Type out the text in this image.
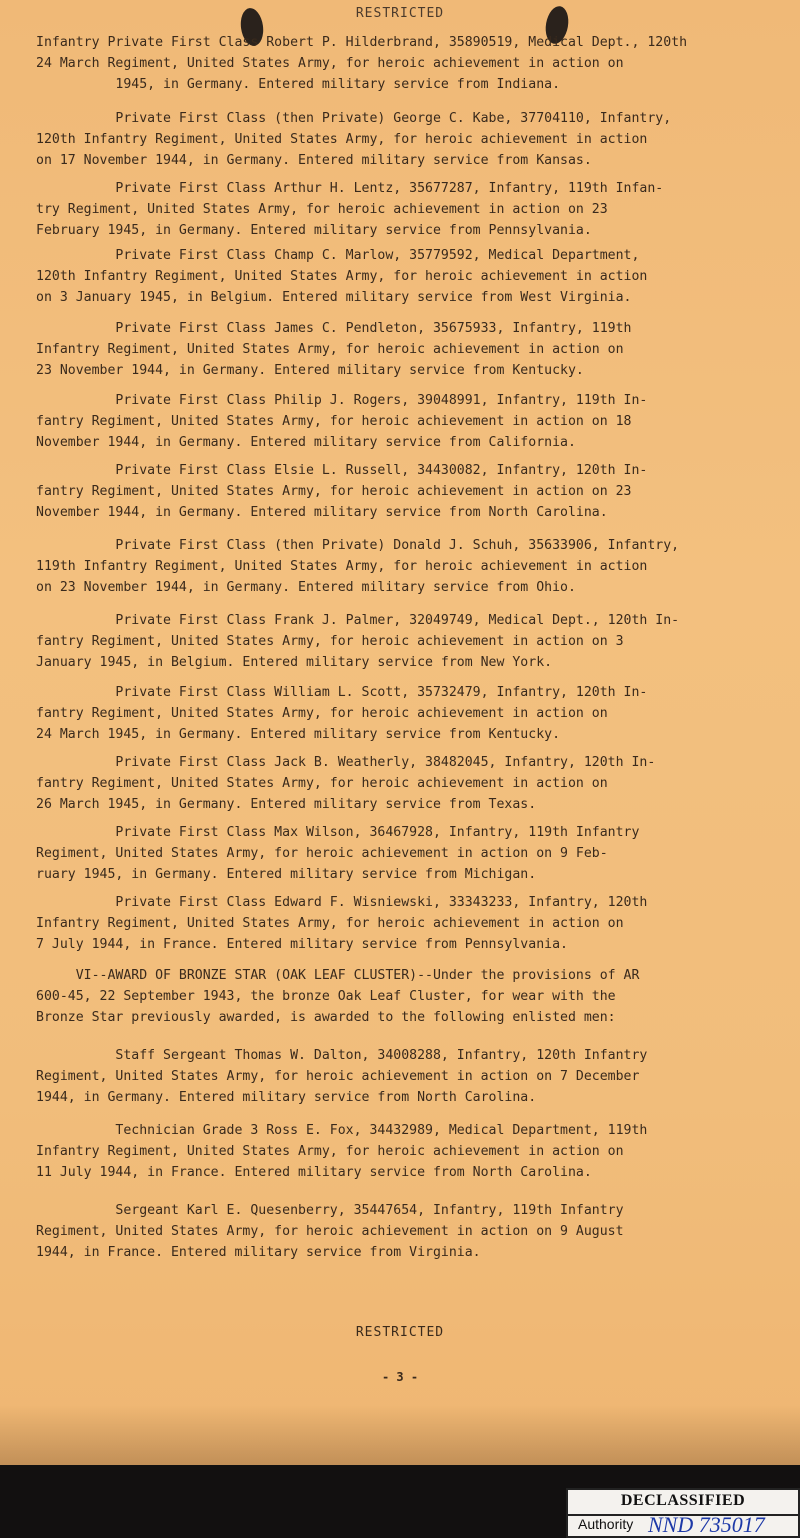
RESTRICTED
Infantry Private First Class Robert P. Hilderbrand, 35890519, Medical Dept., 120th
24 March Regiment, United States Army, for heroic achievement in action on
1945, in Germany. Entered military service from Indiana.
Private First Class (then Private) George C. Kabe, 37704110, Infantry,
120th Infantry Regiment, United States Army, for heroic achievement in action
on 17 November 1944, in Germany. Entered military service from Kansas.
Private First Class Arthur H. Lentz, 35677287, Infantry, 119th Infan-
try Regiment, United States Army, for heroic achievement in action on 23
February 1945, in Germany. Entered military service from Pennsylvania.
Private First Class Champ C. Marlow, 35779592, Medical Department,
120th Infantry Regiment, United States Army, for heroic achievement in action
on 3 January 1945, in Belgium. Entered military service from West Virginia.
Private First Class James C. Pendleton, 35675933, Infantry, 119th
Infantry Regiment, United States Army, for heroic achievement in action on
23 November 1944, in Germany. Entered military service from Kentucky.
Private First Class Philip J. Rogers, 39048991, Infantry, 119th In-
fantry Regiment, United States Army, for heroic achievement in action on 18
November 1944, in Germany. Entered military service from California.
Private First Class Elsie L. Russell, 34430082, Infantry, 120th In-
fantry Regiment, United States Army, for heroic achievement in action on 23
November 1944, in Germany. Entered military service from North Carolina.
Private First Class (then Private) Donald J. Schuh, 35633906, Infantry,
119th Infantry Regiment, United States Army, for heroic achievement in action
on 23 November 1944, in Germany. Entered military service from Ohio.
Private First Class Frank J. Palmer, 32049749, Medical Dept., 120th In-
fantry Regiment, United States Army, for heroic achievement in action on 3
January 1945, in Belgium. Entered military service from New York.
Private First Class William L. Scott, 35732479, Infantry, 120th In-
fantry Regiment, United States Army, for heroic achievement in action on
24 March 1945, in Germany. Entered military service from Kentucky.
Private First Class Jack B. Weatherly, 38482045, Infantry, 120th In-
fantry Regiment, United States Army, for heroic achievement in action on
26 March 1945, in Germany. Entered military service from Texas.
Private First Class Max Wilson, 36467928, Infantry, 119th Infantry
Regiment, United States Army, for heroic achievement in action on 9 Feb-
ruary 1945, in Germany. Entered military service from Michigan.
Private First Class Edward F. Wisniewski, 33343233, Infantry, 120th
Infantry Regiment, United States Army, for heroic achievement in action on
7 July 1944, in France. Entered military service from Pennsylvania.
VI--AWARD OF BRONZE STAR (OAK LEAF CLUSTER)--Under the provisions of AR
600-45, 22 September 1943, the bronze Oak Leaf Cluster, for wear with the
Bronze Star previously awarded, is awarded to the following enlisted men:
Staff Sergeant Thomas W. Dalton, 34008288, Infantry, 120th Infantry
Regiment, United States Army, for heroic achievement in action on 7 December
1944, in Germany. Entered military service from North Carolina.
Technician Grade 3 Ross E. Fox, 34432989, Medical Department, 119th
Infantry Regiment, United States Army, for heroic achievement in action on
11 July 1944, in France. Entered military service from North Carolina.
Sergeant Karl E. Quesenberry, 35447654, Infantry, 119th Infantry
Regiment, United States Army, for heroic achievement in action on 9 August
1944, in France. Entered military service from Virginia.
RESTRICTED
- 3 -
DECLASSIFIED
Authority NND 735017
